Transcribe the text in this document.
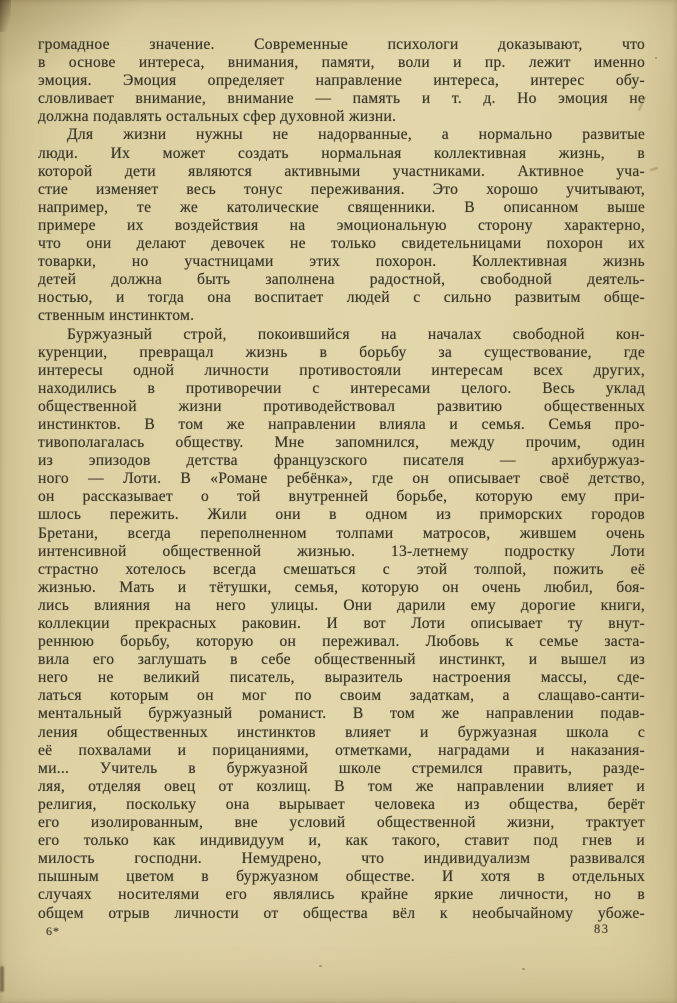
громадное значение. Современные психологи доказывают, что
в основе интереса, внимания, памяти, воли и пр. лежит именно
эмоция. Эмоция определяет направление интереса, интерес обу-
словливает внимание, внимание — память и т. д. Но эмоция не
должна подавлять остальных сфер духовной жизни.
Для жизни нужны не надорванные, а нормально развитые
люди. Их может создать нормальная коллективная жизнь, в
которой дети являются активными участниками. Активное уча-
стие изменяет весь тонус переживания. Это хорошо учитывают,
например, те же католические священники. В описанном выше
примере их воздействия на эмоциональную сторону характерно,
что они делают девочек не только свидетельницами похорон их
товарки, но участницами этих похорон. Коллективная жизнь
детей должна быть заполнена радостной, свободной деятель-
ностью, и тогда она воспитает людей с сильно развитым обще-
ственным инстинктом.
Буржуазный строй, покоившийся на началах свободной кон-
куренции, превращал жизнь в борьбу за существование, где
интересы одной личности противостояли интересам всех других,
находились в противоречии с интересами целого. Весь уклад
общественной жизни противодействовал развитию общественных
инстинктов. В том же направлении влияла и семья. Семья про-
тивополагалась обществу. Мне запомнился, между прочим, один
из эпизодов детства французского писателя — архибуржуаз-
ного — Лоти. В «Романе ребёнка», где он описывает своё детство,
он рассказывает о той внутренней борьбе, которую ему при-
шлось пережить. Жили они в одном из приморских городов
Бретани, всегда переполненном толпами матросов, жившем очень
интенсивной общественной жизнью. 13-летнему подростку Лоти
страстно хотелось всегда смешаться с этой толпой, пожить её
жизнью. Мать и тётушки, семья, которую он очень любил, боя-
лись влияния на него улицы. Они дарили ему дорогие книги,
коллекции прекрасных раковин. И вот Лоти описывает ту внут-
реннюю борьбу, которую он переживал. Любовь к семье заста-
вила его заглушать в себе общественный инстинкт, и вышел из
него не великий писатель, выразитель настроения массы, сде-
латься которым он мог по своим задаткам, а слащаво-санти-
ментальный буржуазный романист. В том же направлении подав-
ления общественных инстинктов влияет и буржуазная школа с
её похвалами и порицаниями, отметками, наградами и наказания-
ми... Учитель в буржуазной школе стремился править, разде-
ляя, отделяя овец от козлищ. В том же направлении влияет и
религия, поскольку она вырывает человека из общества, берёт
его изолированным, вне условий общественной жизни, трактует
его только как индивидуум и, как такого, ставит под гнев и
милость господни. Немудрено, что индивидуализм развивался
пышным цветом в буржуазном обществе. И хотя в отдельных
случаях носителями его являлись крайне яркие личности, но в
общем отрыв личности от общества вёл к необычайному убоже-
6*	83
